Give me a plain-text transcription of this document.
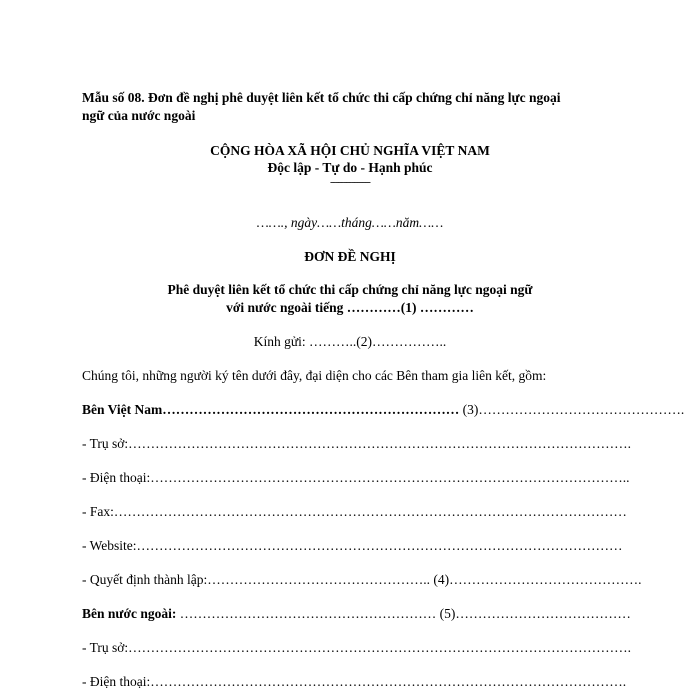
Mẫu số 08. Đơn đề nghị phê duyệt liên kết tổ chức thi cấp chứng chỉ năng lực ngoại
ngữ của nước ngoài
CỘNG HÒA XÃ HỘI CHỦ NGHĨA VIỆT NAM
Độc lập - Tự do - Hạnh phúc
---------------
……., ngày……tháng……năm……
ĐƠN ĐỀ NGHỊ
Phê duyệt liên kết tổ chức thi cấp chứng chỉ năng lực ngoại ngữ
với nước ngoài tiếng …………(1) …………
Kính gửi: ………..(2)……………..
Chúng tôi, những người ký tên dưới đây, đại diện cho các Bên tham gia liên kết, gồm:
Bên Việt Nam………………………………………………………… (3)……………………………………….
- Trụ sở:………………………………………………………………………………………………….
- Điện thoại:……………………………………………………………………………………………..
- Fax:……………………………………………………………………………………………………
- Website:………………………………………………………………………………………………
- Quyết định thành lập:………………………………………….. (4)…………………………………….
Bên nước ngoài: ………………………………………………… (5)…………………………………
- Trụ sở:………………………………………………………………………………………………….
- Điện thoại:…………………………………………………………………………………………….
